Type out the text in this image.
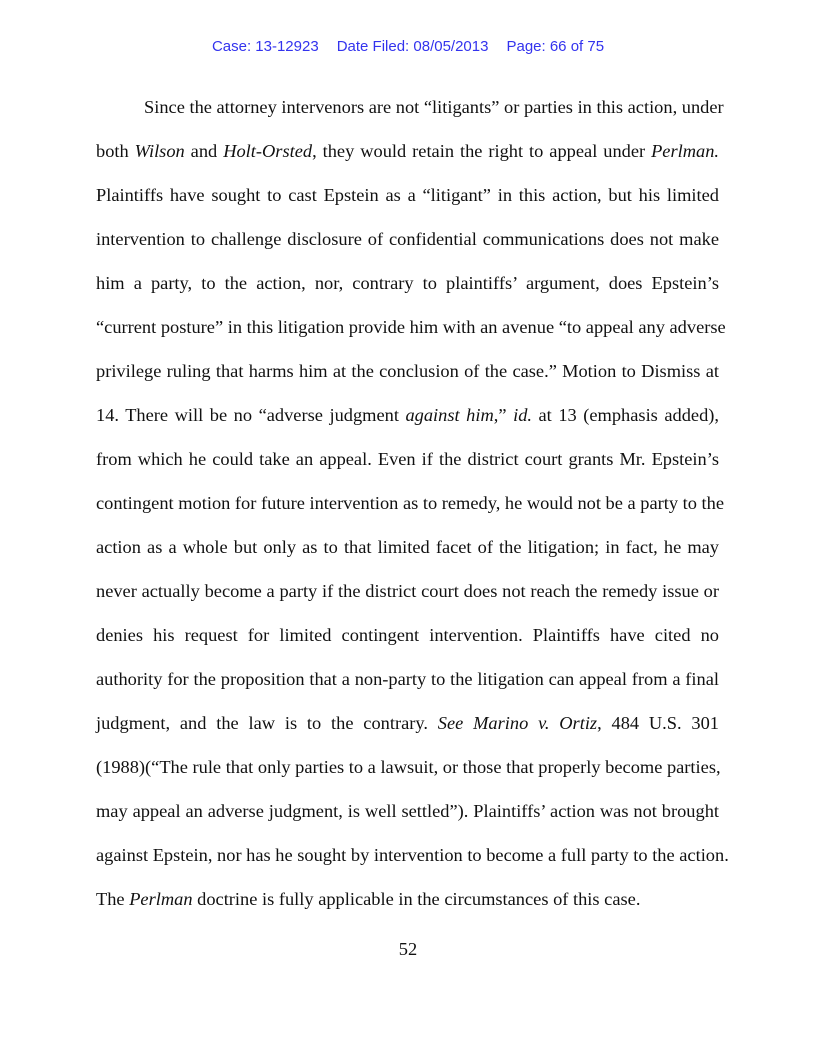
Case: 13-12923 Date Filed: 08/05/2013 Page: 66 of 75
Since the attorney intervenors are not “litigants” or parties in this action, under
both Wilson and Holt-Orsted, they would retain the right to appeal under Perlman.
Plaintiffs have sought to cast Epstein as a “litigant” in this action, but his limited
intervention to challenge disclosure of confidential communications does not make
him a party, to the action, nor, contrary to plaintiffs’ argument, does Epstein’s
“current posture” in this litigation provide him with an avenue “to appeal any adverse
privilege ruling that harms him at the conclusion of the case.” Motion to Dismiss at
14. There will be no “adverse judgment against him,” id. at 13 (emphasis added),
from which he could take an appeal. Even if the district court grants Mr. Epstein’s
contingent motion for future intervention as to remedy, he would not be a party to the
action as a whole but only as to that limited facet of the litigation; in fact, he may
never actually become a party if the district court does not reach the remedy issue or
denies his request for limited contingent intervention. Plaintiffs have cited no
authority for the proposition that a non-party to the litigation can appeal from a final
judgment, and the law is to the contrary. See Marino v. Ortiz, 484 U.S. 301
(1988)(“The rule that only parties to a lawsuit, or those that properly become parties,
may appeal an adverse judgment, is well settled”). Plaintiffs’ action was not brought
against Epstein, nor has he sought by intervention to become a full party to the action.
The Perlman doctrine is fully applicable in the circumstances of this case.
52
